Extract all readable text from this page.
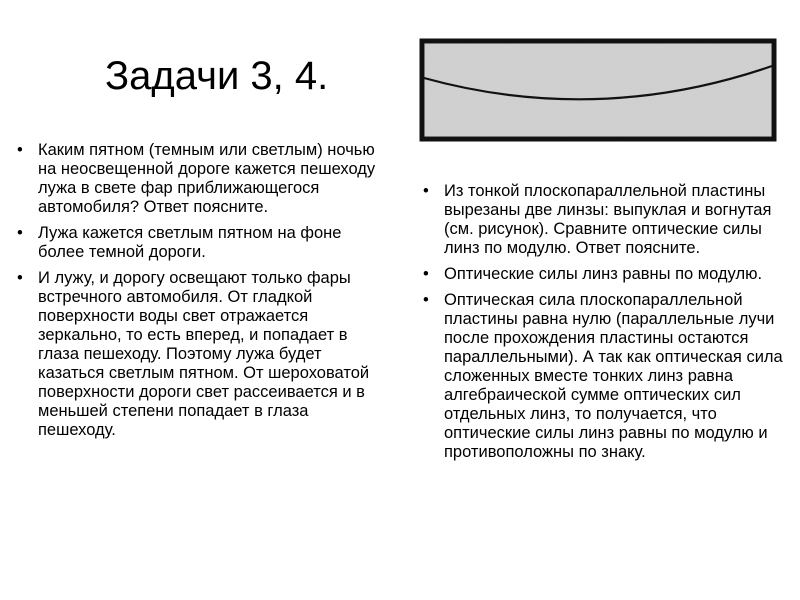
Задачи 3, 4.
• Каким пятном (темным или светлым) ночью на неосвещенной дороге кажется пешеходу лужа в свете фар приближающегося автомобиля? Ответ поясните.
• Лужа кажется светлым пятном на фоне более темной дороги.
• И лужу, и дорогу освещают только фары встречного автомобиля. От гладкой поверхности воды свет отражается зеркально, то есть вперед, и попадает в глаза пешеходу. Поэтому лужа будет казаться светлым пятном. От шероховатой поверхности дороги свет рассеивается и в меньшей степени попадает в глаза пешеходу.
• Из тонкой плоскопараллельной пластины вырезаны две линзы: выпуклая и вогнутая (см. рисунок). Сравните оптические силы линз по модулю. Ответ поясните.
• Оптические силы линз равны по модулю.
• Оптическая сила плоскопараллельной пластины равна нулю (параллельные лучи после прохождения пластины остаются параллельными). А так как оптическая сила сложенных вместе тонких линз равна алгебраической сумме оптических сил отдельных линз, то получается, что оптические силы линз равны по модулю и противоположны по знаку.
